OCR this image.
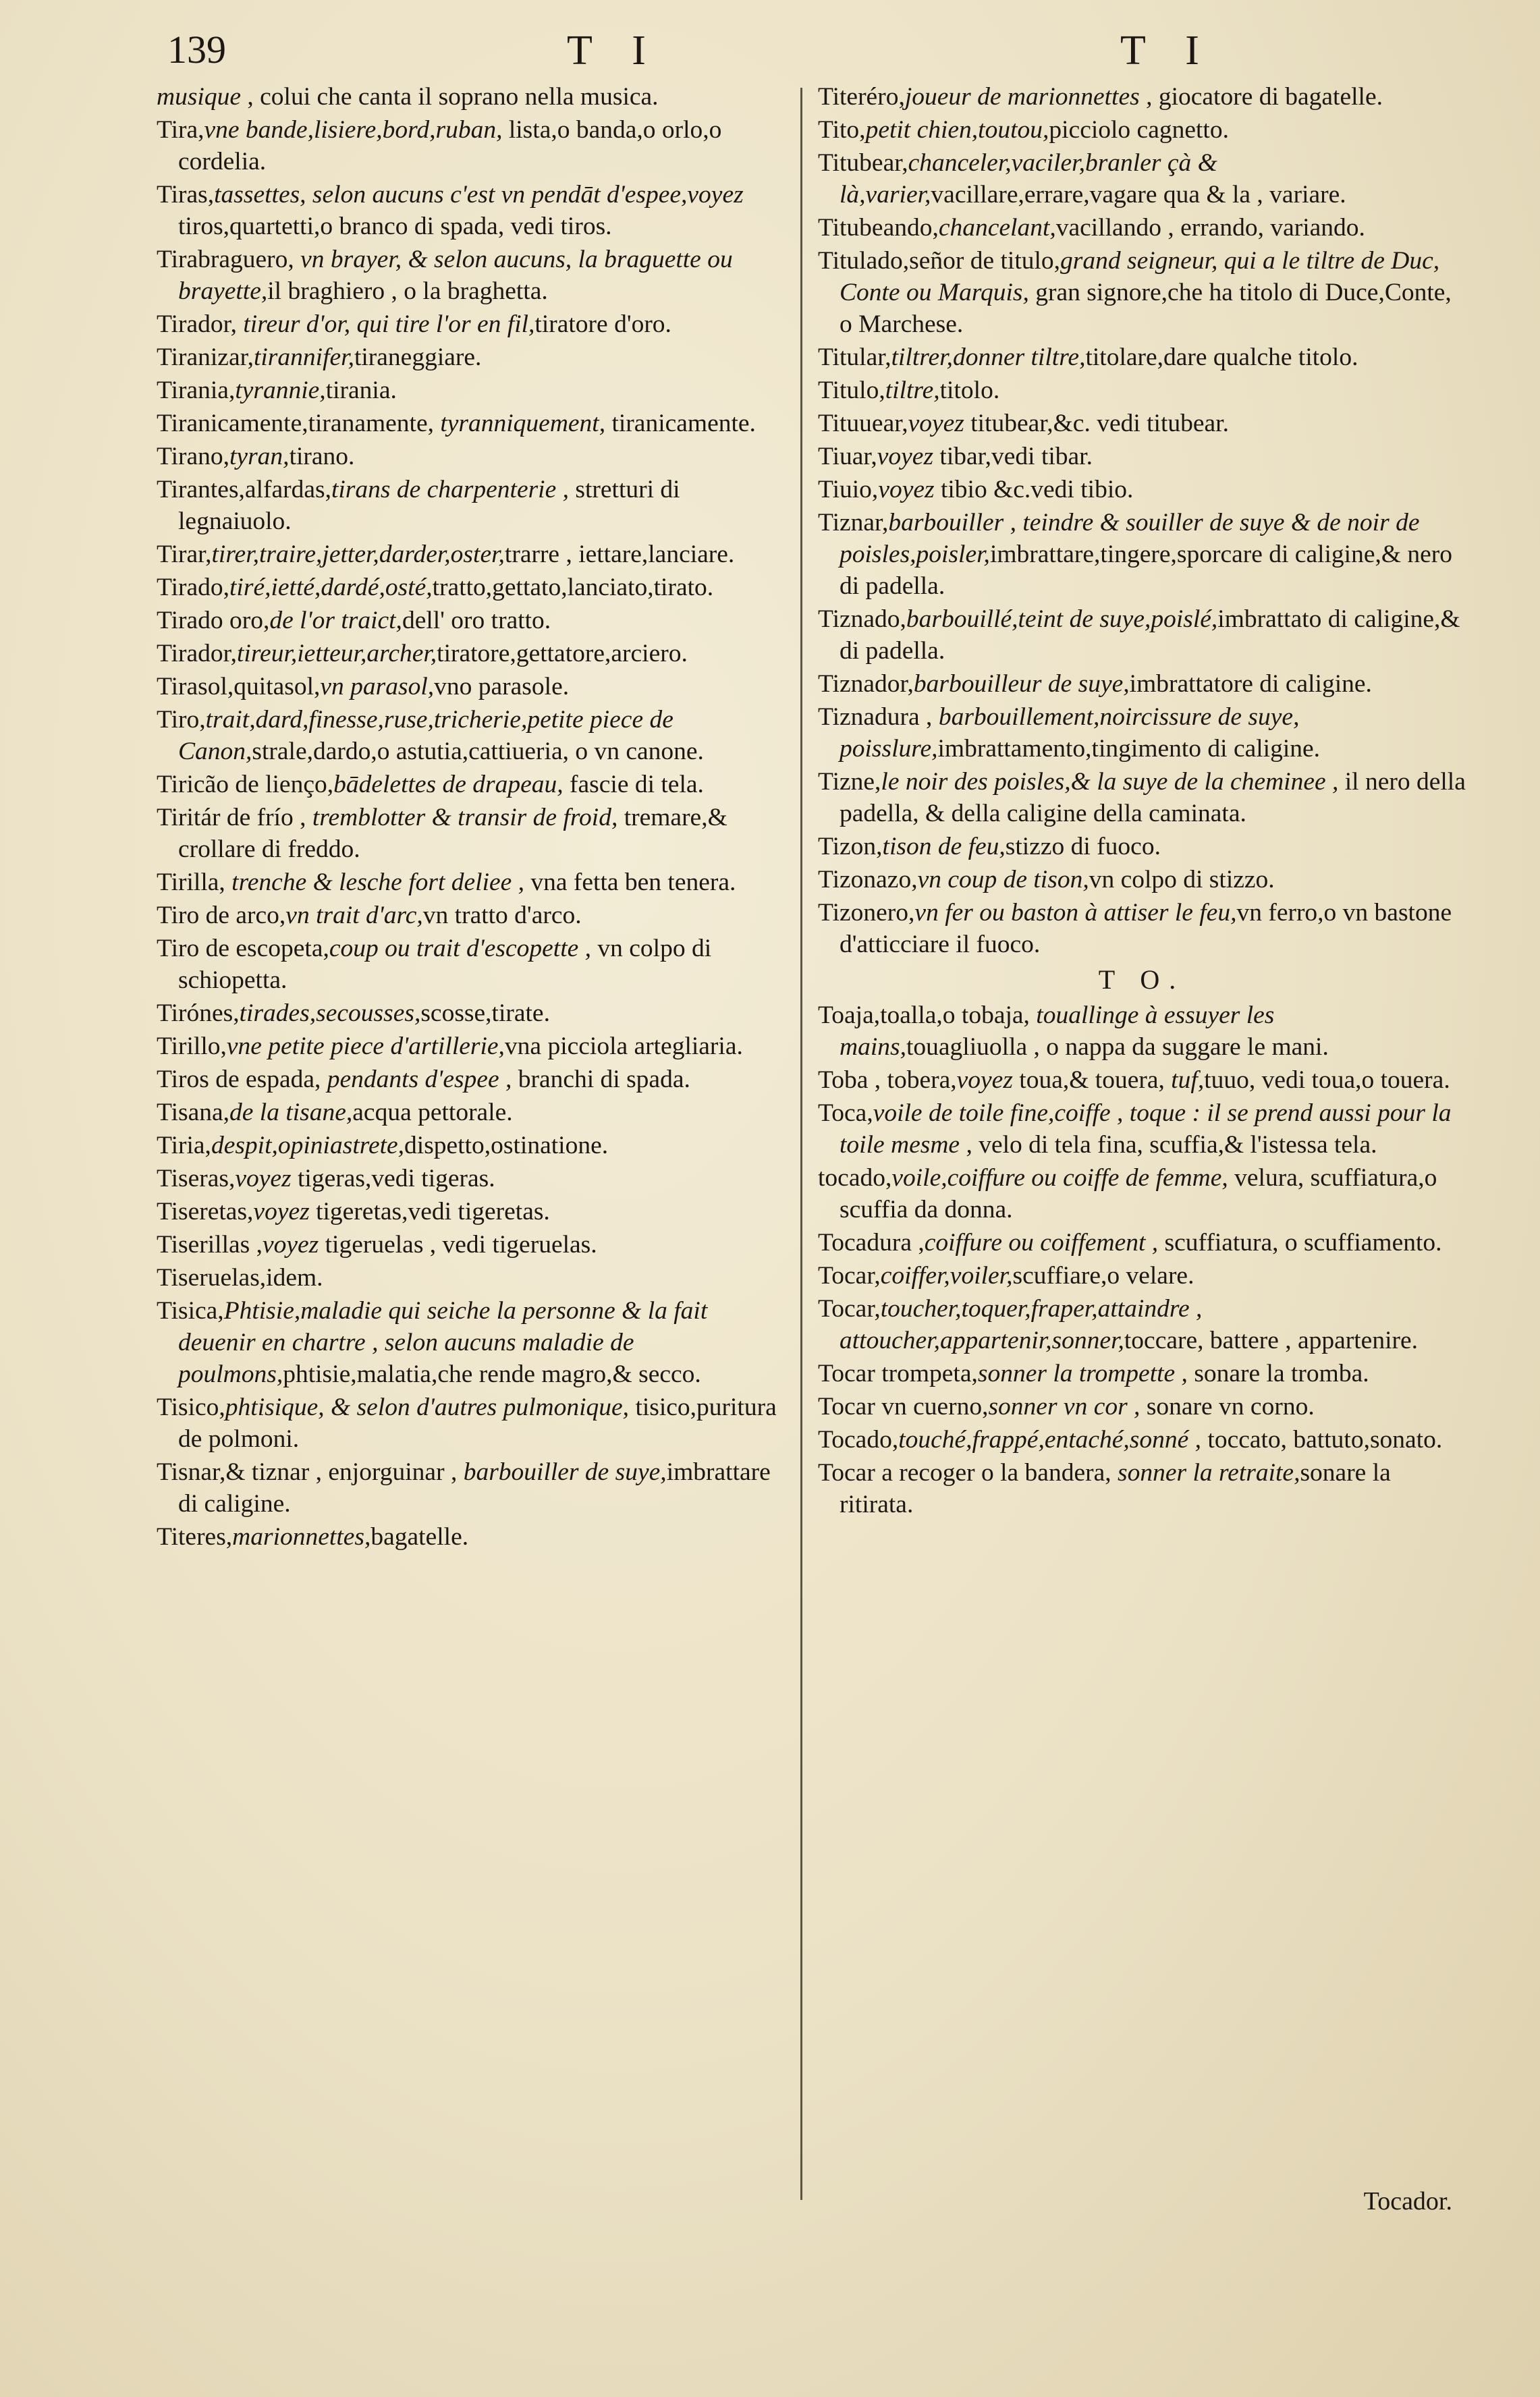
139	T I	T I

musique , colui che canta il soprano nella musica.

Tira,vne bande,lisiere,bord,ruban, lista,o banda,o orlo,o cordelia.

Tiras,tassettes, selon aucuns c'est vn pendāt d'espee,voyez tiros,quartetti,o branco di spada, vedi tiros.

Tirabraguero, vn brayer, & selon aucuns, la braguette ou brayette,il braghiero , o la braghetta.

Tirador, tireur d'or, qui tire l'or en fil,tiratore d'oro.

Tiranizar,tirannifer,tiraneggiare.

Tirania,tyrannie,tirania.

Tiranicamente,tiranamente, tyranniquement, tiranicamente.

Tirano,tyran,tirano.

Tirantes,alfardas,tirans de charpenterie , stretturi di legnaiuolo.

Tirar,tirer,traire,jetter,darder,oster,trarre , iettare,lanciare.

Tirado,tiré,ietté,dardé,osté,tratto,gettato,lanciato,tirato.

Tirado oro,de l'or traict,dell' oro tratto.

Tirador,tireur,ietteur,archer,tiratore,gettatore,arciero.

Tirasol,quitasol,vn parasol,vno parasole.

Tiro,trait,dard,finesse,ruse,tricherie,petite piece de Canon,strale,dardo,o astutia,cattiueria, o vn canone.

Tiricão de lienço,bādelettes de drapeau, fascie di tela.

Tiritár de frío , tremblotter & transir de froid, tremare,& crollare di freddo.

Tirilla, trenche & lesche fort deliee , vna fetta ben tenera.

Tiro de arco,vn trait d'arc,vn tratto d'arco.

Tiro de escopeta,coup ou trait d'escopette , vn colpo di schiopetta.

Tirónes,tirades,secousses,scosse,tirate.

Tirillo,vne petite piece d'artillerie,vna picciola artegliaria.

Tiros de espada, pendants d'espee , branchi di spada.

Tisana,de la tisane,acqua pettorale.

Tiria,despit,opiniastrete,dispetto,ostinatione.

Tiseras,voyez tigeras,vedi tigeras.

Tiseretas,voyez tigeretas,vedi tigeretas.

Tiserillas ,voyez tigeruelas , vedi tigeruelas.

Tiseruelas,idem.

Tisica,Phtisie,maladie qui seiche la personne & la fait deuenir en chartre , selon aucuns maladie de poulmons,phtisie,malatia,che rende magro,& secco.

Tisico,phtisique, & selon d'autres pulmonique, tisico,puritura de polmoni.

Tisnar,& tiznar , enjorguinar , barbouiller de suye,imbrattare di caligine.

Titeres,marionnettes,bagatelle.

Titeréro,joueur de marionnettes , giocatore di bagatelle.

Tito,petit chien,toutou,picciolo cagnetto.

Titubear,chanceler,vaciler,branler çà & là,varier,vacillare,errare,vagare qua & la , variare.

Titubeando,chancelant,vacillando , errando, variando.

Titulado,señor de titulo,grand seigneur, qui a le tiltre de Duc, Conte ou Marquis, gran signore,che ha titolo di Duce,Conte, o Marchese.

Titular,tiltrer,donner tiltre,titolare,dare qualche titolo.

Titulo,tiltre,titolo.

Tituuear,voyez titubear,&c. vedi titubear.

Tiuar,voyez tibar,vedi tibar.

Tiuio,voyez tibio &c.vedi tibio.

Tiznar,barbouiller , teindre & souiller de suye & de noir de poisles,poisler,imbrattare,tingere,sporcare di caligine,& nero di padella.

Tiznado,barbouillé,teint de suye,poislé,imbrattato di caligine,& di padella.

Tiznador,barbouilleur de suye,imbrattatore di caligine.

Tiznadura , barbouillement,noircissure de suye, poisslure,imbrattamento,tingimento di caligine.

Tizne,le noir des poisles,& la suye de la cheminee , il nero della padella, & della caligine della caminata.

Tizon,tison de feu,stizzo di fuoco.

Tizonazo,vn coup de tison,vn colpo di stizzo.

Tizonero,vn fer ou baston à attiser le feu,vn ferro,o vn bastone d'atticciare il fuoco.

T O.

Toaja,toalla,o tobaja, touallinge à essuyer les mains,touagliuolla , o nappa da suggare le mani.

Toba , tobera,voyez toua,& touera, tuf,tuuo, vedi toua,o touera.

Toca,voile de toile fine,coiffe , toque : il se prend aussi pour la toile mesme , velo di tela fina, scuffia,& l'istessa tela.

tocado,voile,coiffure ou coiffe de femme, velura, scuffiatura,o scuffia da donna.

Tocadura ,coiffure ou coiffement , scuffiatura, o scuffiamento.

Tocar,coiffer,voiler,scuffiare,o velare.

Tocar,toucher,toquer,fraper,attaindre , attoucher,appartenir,sonner,toccare, battere , appartenire.

Tocar trompeta,sonner la trompette , sonare la tromba.

Tocar vn cuerno,sonner vn cor , sonare vn corno.

Tocado,touché,frappé,entaché,sonné , toccato, battuto,sonato.

Tocar a recoger o la bandera, sonner la retraite,sonare la ritirata.

Tocador.
